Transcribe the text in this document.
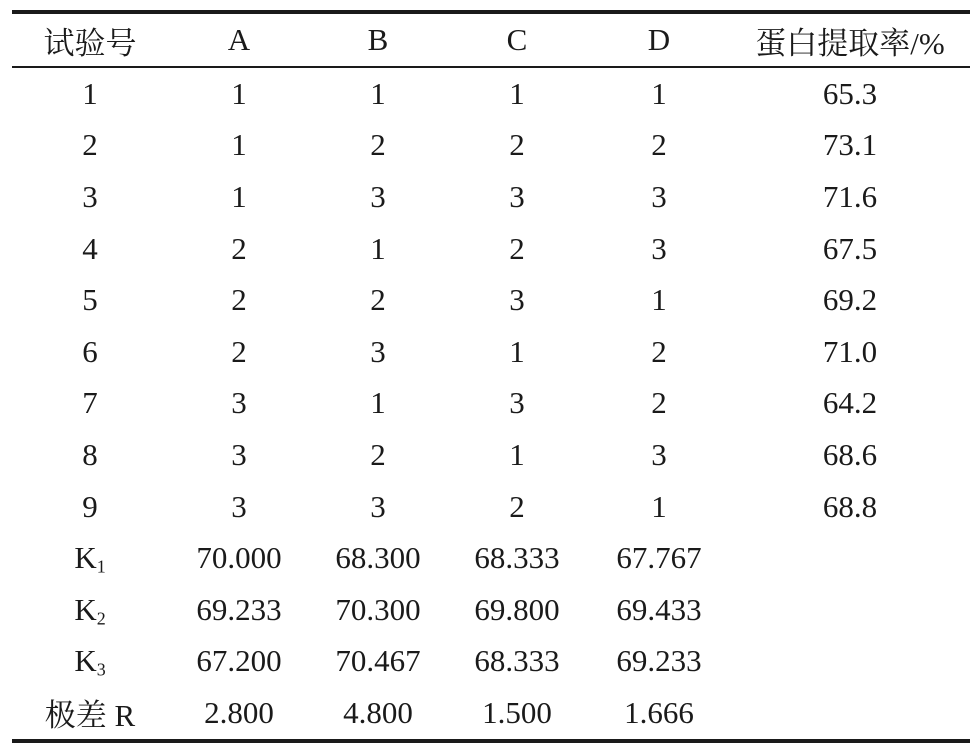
试验号	A	B	C	D	蛋白提取率/%
1	1	1	1	1	65.3
2	1	2	2	2	73.1
3	1	3	3	3	71.6
4	2	1	2	3	67.5
5	2	2	3	1	69.2
6	2	3	1	2	71.0
7	3	1	3	2	64.2
8	3	2	1	3	68.6
9	3	3	2	1	68.8
$K_1$	70.000	68.300	68.333	67.767	
$K_2$	69.233	70.300	69.800	69.433	
$K_3$	67.200	70.467	68.333	69.233	
极差 R	2.800	4.800	1.500	1.666	
